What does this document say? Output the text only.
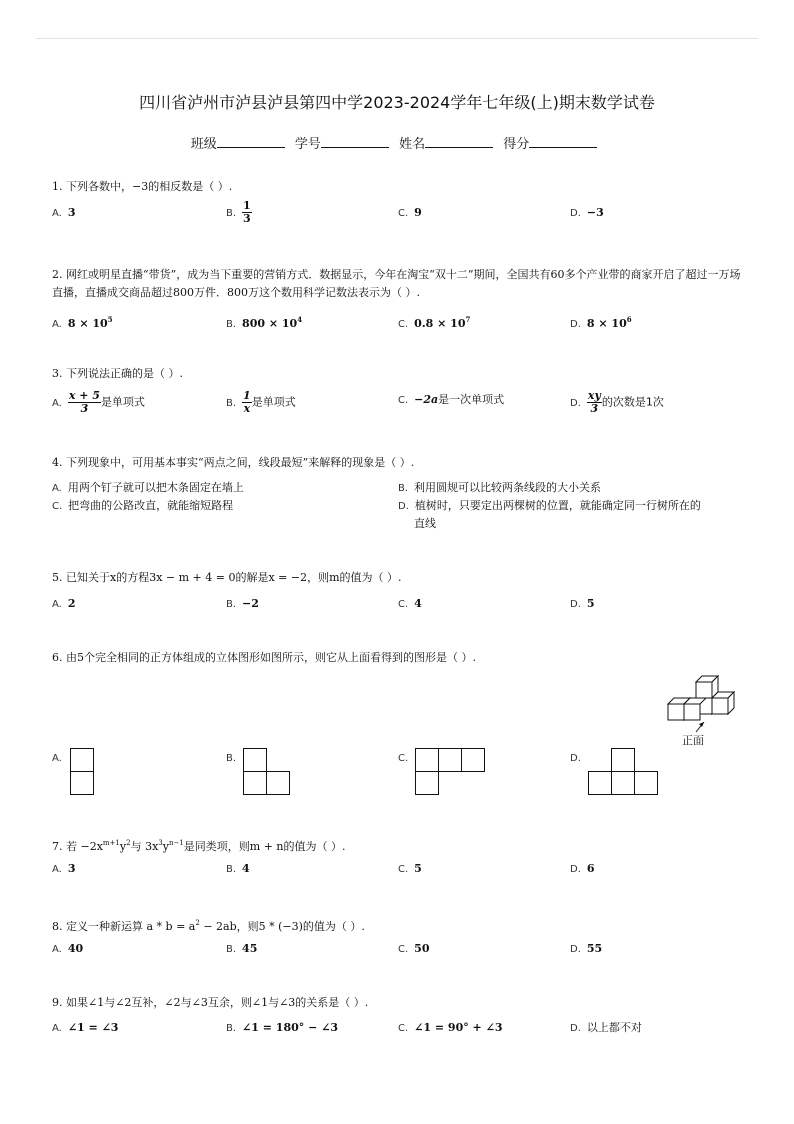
四川省泸州市泸县泸县第四中学2023-2024学年七年级(上)期末数学试卷
班级	学号	姓名	得分
1. 下列各数中，−3的相反数是（ ）.
A. 3	B. $\frac{1}{3}$	C. 9	D. −3
2. 网红或明星直播“带货”，成为当下重要的营销方式．数据显示，今年在淘宝“双十二”期间，全国共有60多个产业带的商家开启了超过一万场直播，直播成交商品超过800万件．800万这个数用科学记数法表示为（ ）.
A. $8 \times 10^5$	B. $800 \times 10^4$	C. $0.8 \times 10^7$	D. $8 \times 10^6$
3. 下列说法正确的是（ ）.
A. $\frac{x + 5}{3}$ 是单项式	B. $\frac{1}{x}$ 是单项式	C. −2a是一次单项式	D. $\frac{xy}{3}$ 的次数是1次
4. 下列现象中，可用基本事实“两点之间，线段最短”来解释的现象是（ ）.
A. 用两个钉子就可以把木条固定在墙上	B. 利用圆规可以比较两条线段的大小关系
C. 把弯曲的公路改直，就能缩短路程	D. 植树时，只要定出两棵树的位置，就能确定同一行树所在的
直线
5. 已知关于x的方程3x − m + 4 = 0的解是x = −2，则m的值为（ ）.
A. 2	B. −2	C. 4	D. 5
6. 由5个完全相同的正方体组成的立体图形如图所示，则它从上面看得到的图形是（ ）.
正面
A.	B.	C.	D.
7. 若 $-2x^{m+1}y^2$与 $3x^3y^{n-1}$是同类项，则m + n的值为（ ）.
A. 3	B. 4	C. 5	D. 6
8. 定义一种新运算 $a * b = a^2 - 2ab$，则5 * (−3)的值为（ ）.
A. 40	B. 45	C. 50	D. 55
9. 如果∠1与∠2互补，∠2与∠3互余，则∠1与∠3的关系是（ ）.
A. ∠1 = ∠3	B. ∠1 = 180° − ∠3	C. ∠1 = 90° + ∠3	D. 以上都不对
